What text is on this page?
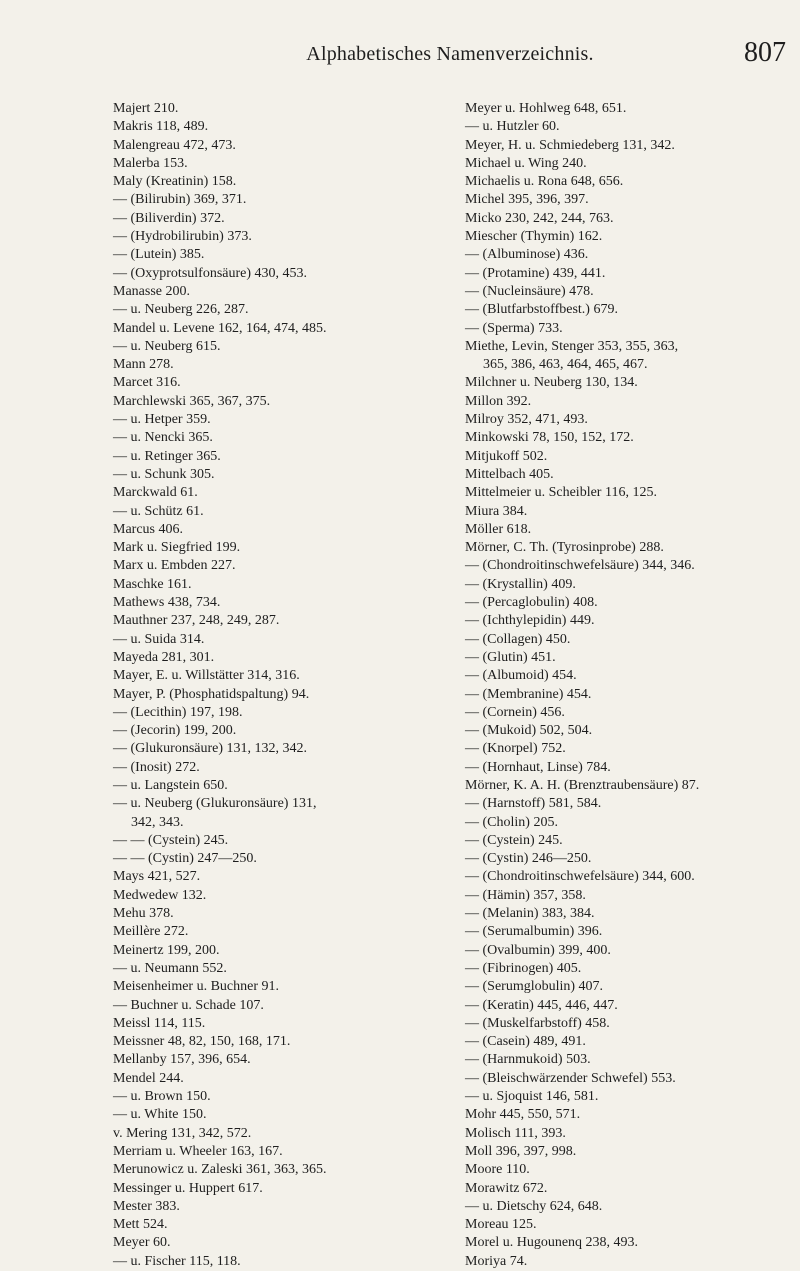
Alphabetisches Namenverzeichnis.	807
Majert 210.
Makris 118, 489.
Malengreau 472, 473.
Malerba 153.
Maly (Kreatinin) 158.
— (Bilirubin) 369, 371.
— (Biliverdin) 372.
— (Hydrobilirubin) 373.
— (Lutein) 385.
— (Oxyprotsulfonsäure) 430, 453.
Manasse 200.
— u. Neuberg 226, 287.
Mandel u. Levene 162, 164, 474, 485.
— u. Neuberg 615.
Mann 278.
Marcet 316.
Marchlewski 365, 367, 375.
— u. Hetper 359.
— u. Nencki 365.
— u. Retinger 365.
— u. Schunk 305.
Marckwald 61.
— u. Schütz 61.
Marcus 406.
Mark u. Siegfried 199.
Marx u. Embden 227.
Maschke 161.
Mathews 438, 734.
Mauthner 237, 248, 249, 287.
— u. Suida 314.
Mayeda 281, 301.
Mayer, E. u. Willstätter 314, 316.
Mayer, P. (Phosphatidspaltung) 94.
— (Lecithin) 197, 198.
— (Jecorin) 199, 200.
— (Glukuronsäure) 131, 132, 342.
— (Inosit) 272.
— u. Langstein 650.
— u. Neuberg (Glukuronsäure) 131,
342, 343.
— — (Cystein) 245.
— — (Cystin) 247—250.
Mays 421, 527.
Medwedew 132.
Mehu 378.
Meillère 272.
Meinertz 199, 200.
— u. Neumann 552.
Meisenheimer u. Buchner 91.
— Buchner u. Schade 107.
Meissl 114, 115.
Meissner 48, 82, 150, 168, 171.
Mellanby 157, 396, 654.
Mendel 244.
— u. Brown 150.
— u. White 150.
v. Mering 131, 342, 572.
Merriam u. Wheeler 163, 167.
Merunowicz u. Zaleski 361, 363, 365.
Messinger u. Huppert 617.
Mester 383.
Mett 524.
Meyer 60.
— u. Fischer 115, 118.
Meyer u. Hohlweg 648, 651.
— u. Hutzler 60.
Meyer, H. u. Schmiedeberg 131, 342.
Michael u. Wing 240.
Michaelis u. Rona 648, 656.
Michel 395, 396, 397.
Micko 230, 242, 244, 763.
Miescher (Thymin) 162.
— (Albuminose) 436.
— (Protamine) 439, 441.
— (Nucleinsäure) 478.
— (Blutfarbstoffbest.) 679.
— (Sperma) 733.
Miethe, Levin, Stenger 353, 355, 363,
365, 386, 463, 464, 465, 467.
Milchner u. Neuberg 130, 134.
Millon 392.
Milroy 352, 471, 493.
Minkowski 78, 150, 152, 172.
Mitjukoff 502.
Mittelbach 405.
Mittelmeier u. Scheibler 116, 125.
Miura 384.
Möller 618.
Mörner, C. Th. (Tyrosinprobe) 288.
— (Chondroitinschwefelsäure) 344, 346.
— (Krystallin) 409.
— (Percaglobulin) 408.
— (Ichthylepidin) 449.
— (Collagen) 450.
— (Glutin) 451.
— (Albumoid) 454.
— (Membranine) 454.
— (Cornein) 456.
— (Mukoid) 502, 504.
— (Knorpel) 752.
— (Hornhaut, Linse) 784.
Mörner, K. A. H. (Brenztraubensäure) 87.
— (Harnstoff) 581, 584.
— (Cholin) 205.
— (Cystein) 245.
— (Cystin) 246—250.
— (Chondroitinschwefelsäure) 344, 600.
— (Hämin) 357, 358.
— (Melanin) 383, 384.
— (Serumalbumin) 396.
— (Ovalbumin) 399, 400.
— (Fibrinogen) 405.
— (Serumglobulin) 407.
— (Keratin) 445, 446, 447.
— (Muskelfarbstoff) 458.
— (Casein) 489, 491.
— (Harnmukoid) 503.
— (Bleischwärzender Schwefel) 553.
— u. Sjoquist 146, 581.
Mohr 445, 550, 571.
Molisch 111, 393.
Moll 396, 397, 998.
Moore 110.
Morawitz 672.
— u. Dietschy 624, 648.
Moreau 125.
Morel u. Hugounenq 238, 493.
Moriya 74.
